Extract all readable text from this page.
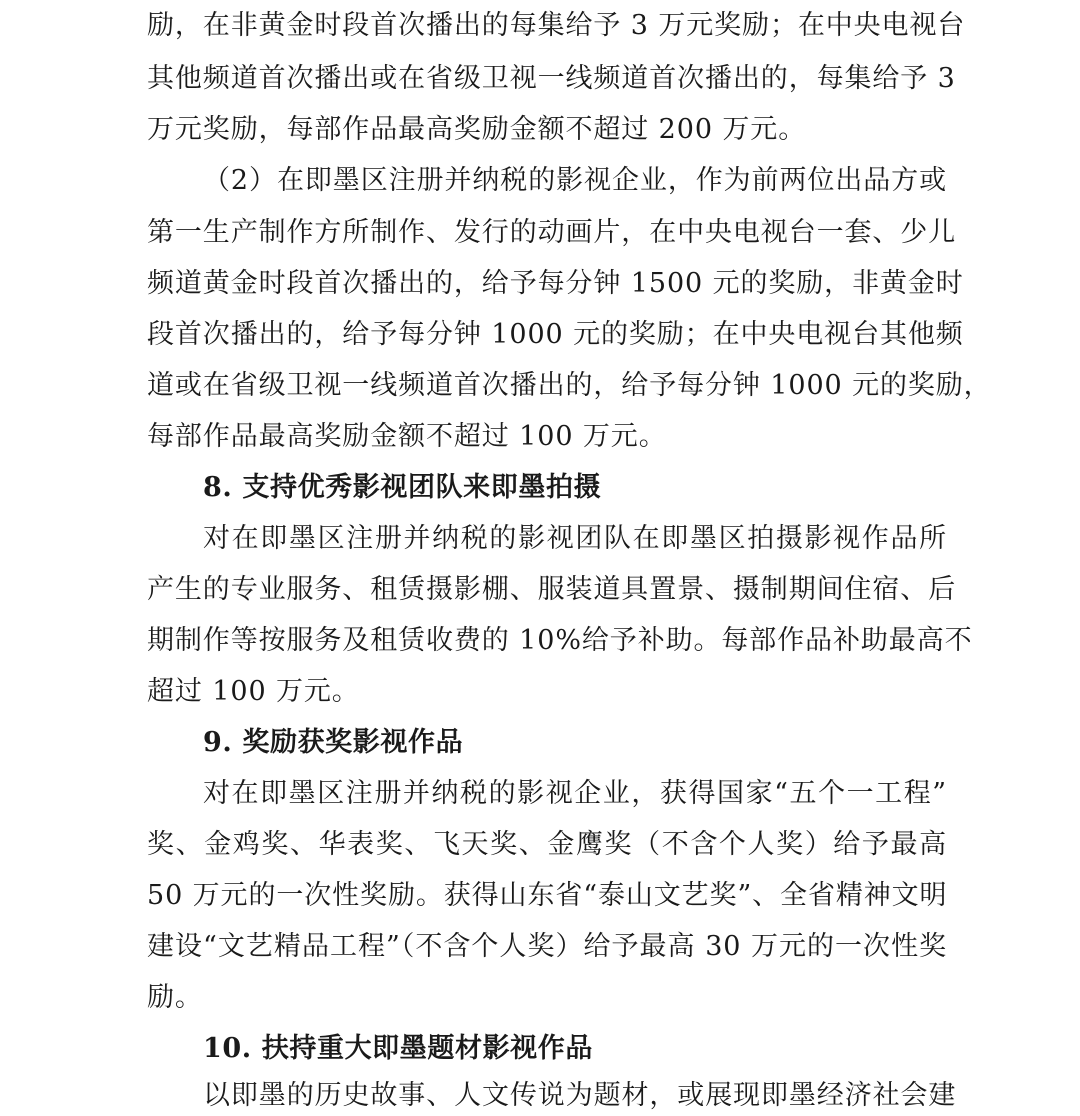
励，在非黄金时段首次播出的每集给予 3 万元奖励；在中央电视台
其他频道首次播出或在省级卫视一线频道首次播出的，每集给予 3
万元奖励，每部作品最高奖励金额不超过 200 万元。
（2）在即墨区注册并纳税的影视企业，作为前两位出品方或
第一生产制作方所制作、发行的动画片，在中央电视台一套、少儿
频道黄金时段首次播出的，给予每分钟 1500 元的奖励，非黄金时
段首次播出的，给予每分钟 1000 元的奖励；在中央电视台其他频
道或在省级卫视一线频道首次播出的，给予每分钟 1000 元的奖励，
每部作品最高奖励金额不超过 100 万元。
8. 支持优秀影视团队来即墨拍摄
对在即墨区注册并纳税的影视团队在即墨区拍摄影视作品所
产生的专业服务、租赁摄影棚、服装道具置景、摄制期间住宿、后
期制作等按服务及租赁收费的 10%给予补助。每部作品补助最高不
超过 100 万元。
9. 奖励获奖影视作品
对在即墨区注册并纳税的影视企业，获得国家“五个一工程”
奖、金鸡奖、华表奖、飞天奖、金鹰奖（不含个人奖）给予最高
50 万元的一次性奖励。获得山东省“泰山文艺奖”、全省精神文明
建设“文艺精品工程”（不含个人奖）给予最高 30 万元的一次性奖
励。
10. 扶持重大即墨题材影视作品
以即墨的历史故事、人文传说为题材，或展现即墨经济社会建
